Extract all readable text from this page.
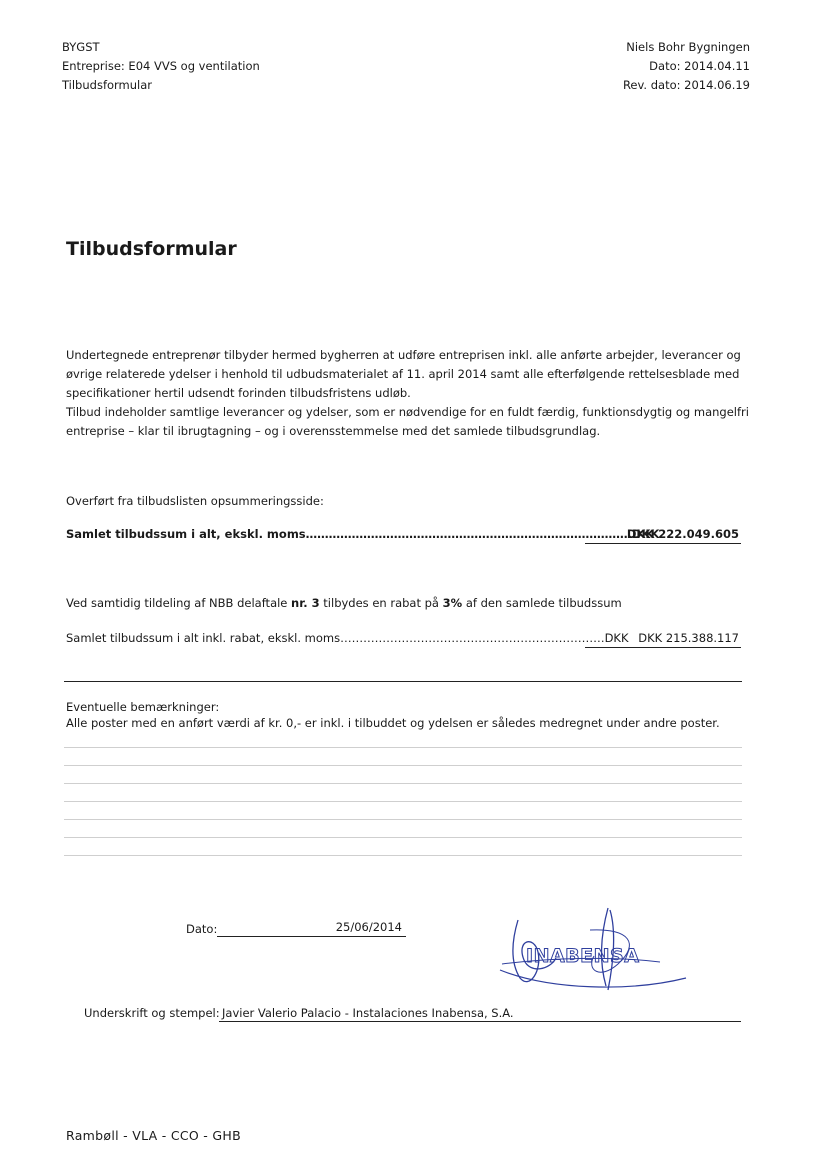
BYGST
Entreprise: E04 VVS og ventilation
Tilbudsformular
Niels Bohr Bygningen
Dato: 2014.04.11
Rev. dato: 2014.06.19
Tilbudsformular
Undertegnede entreprenør tilbyder hermed bygherren at udføre entreprisen inkl. alle anførte arbejder, leverancer og øvrige relaterede ydelser i henhold til udbudsmaterialet af 11. april 2014 samt alle efterfølgende rettelsesblade med specifikationer hertil udsendt forinden tilbudsfristens udløb.
Tilbud indeholder samtlige leverancer og ydelser, som er nødvendige for en fuldt færdig, funktionsdygtig og mangelfri entreprise – klar til ibrugtagning – og i overensstemmelse med det samlede tilbudsgrundlag.
Overført fra tilbudslisten opsummeringsside:
Samlet tilbudssum i alt, ekskl. moms………………………………………………………………………….DKK
DKK 222.049.605
Ved samtidig tildeling af NBB delaftale nr. 3 tilbydes en rabat på 3% af den samlede tilbudssum
Samlet tilbudssum i alt inkl. rabat, ekskl. moms……………………………………………………………DKK DKK 215.388.117
Eventuelle bemærkninger:
Alle poster med en anført værdi af kr. 0,- er inkl. i tilbuddet og ydelsen er således medregnet under andre poster.
Dato:	25/06/2014
INABENSA
Underskrift og stempel: Javier Valerio Palacio - Instalaciones Inabensa, S.A.
Rambøll - VLA - CCO - GHB
